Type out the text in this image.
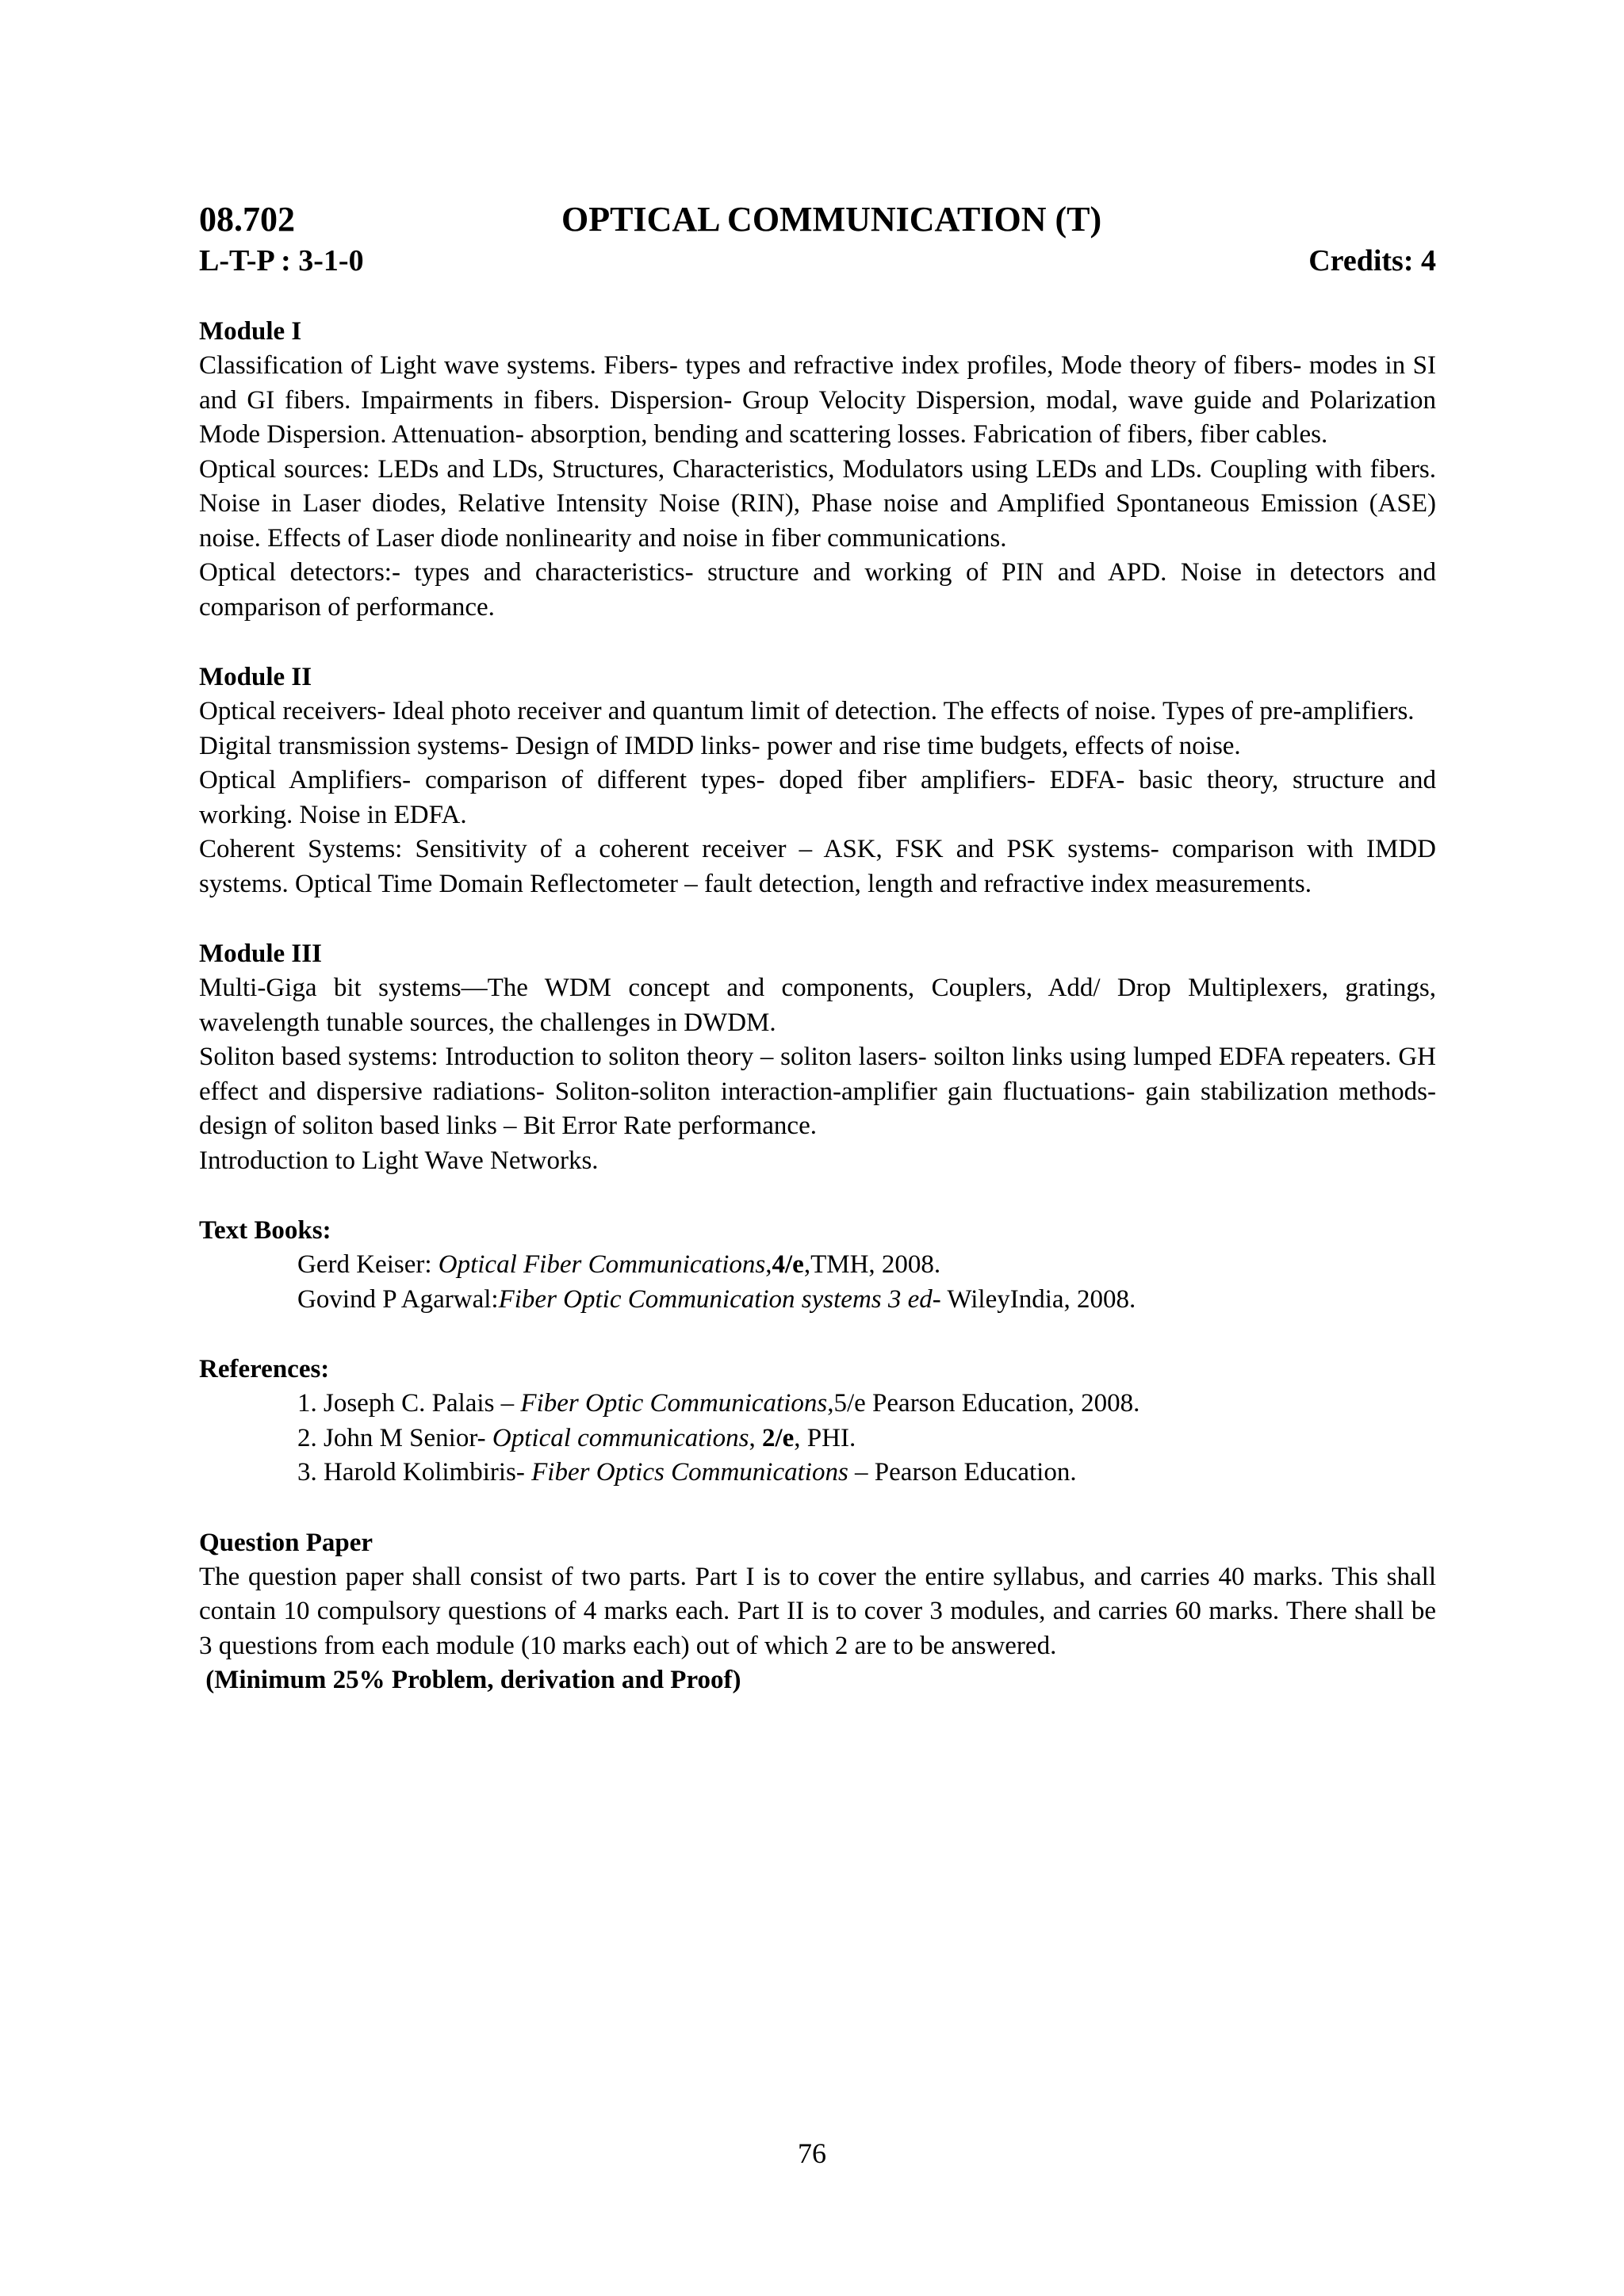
08.702	OPTICAL COMMUNICATION (T)
L-T-P : 3-1-0	Credits: 4

Module I

Classification of Light wave systems. Fibers- types and refractive index profiles, Mode theory of fibers- modes in SI and GI fibers. Impairments in fibers. Dispersion- Group Velocity Dispersion, modal, wave guide and Polarization Mode Dispersion. Attenuation- absorption, bending and scattering losses. Fabrication of fibers, fiber cables.

Optical sources: LEDs and LDs, Structures, Characteristics, Modulators using LEDs and LDs. Coupling with fibers. Noise in Laser diodes, Relative Intensity Noise (RIN), Phase noise and Amplified Spontaneous Emission (ASE) noise. Effects of Laser diode nonlinearity and noise in fiber communications.

Optical detectors:- types and characteristics- structure and working of PIN and APD. Noise in detectors and comparison of performance.

Module II

Optical receivers- Ideal photo receiver and quantum limit of detection. The effects of noise. Types of pre-amplifiers.

Digital transmission systems- Design of IMDD links- power and rise time budgets, effects of noise.

Optical Amplifiers- comparison of different types- doped fiber amplifiers- EDFA- basic theory, structure and working. Noise in EDFA.

Coherent Systems: Sensitivity of a coherent receiver – ASK, FSK and PSK systems- comparison with IMDD systems. Optical Time Domain Reflectometer – fault detection, length and refractive index measurements.

Module III

Multi-Giga bit systems—The WDM concept and components, Couplers, Add/ Drop Multiplexers, gratings, wavelength tunable sources, the challenges in DWDM.

Soliton based systems: Introduction to soliton theory – soliton lasers- soilton links using lumped EDFA repeaters. GH effect and dispersive radiations- Soliton-soliton interaction-amplifier gain fluctuations- gain stabilization methods- design of soliton based links – Bit Error Rate performance.

Introduction to Light Wave Networks.

Text Books:

Gerd Keiser: Optical Fiber Communications,4/e,TMH, 2008.

Govind P Agarwal:Fiber Optic Communication systems 3 ed- WileyIndia, 2008.

References:

1. Joseph C. Palais – Fiber Optic Communications,5/e Pearson Education, 2008.

2. John M Senior- Optical communications, 2/e, PHI.

3. Harold Kolimbiris- Fiber Optics Communications – Pearson Education.

Question Paper

The question paper shall consist of two parts. Part I is to cover the entire syllabus, and carries 40 marks. This shall contain 10 compulsory questions of 4 marks each. Part II is to cover 3 modules, and carries 60 marks. There shall be 3 questions from each module (10 marks each) out of which 2 are to be answered.

(Minimum 25% Problem, derivation and Proof)

76
